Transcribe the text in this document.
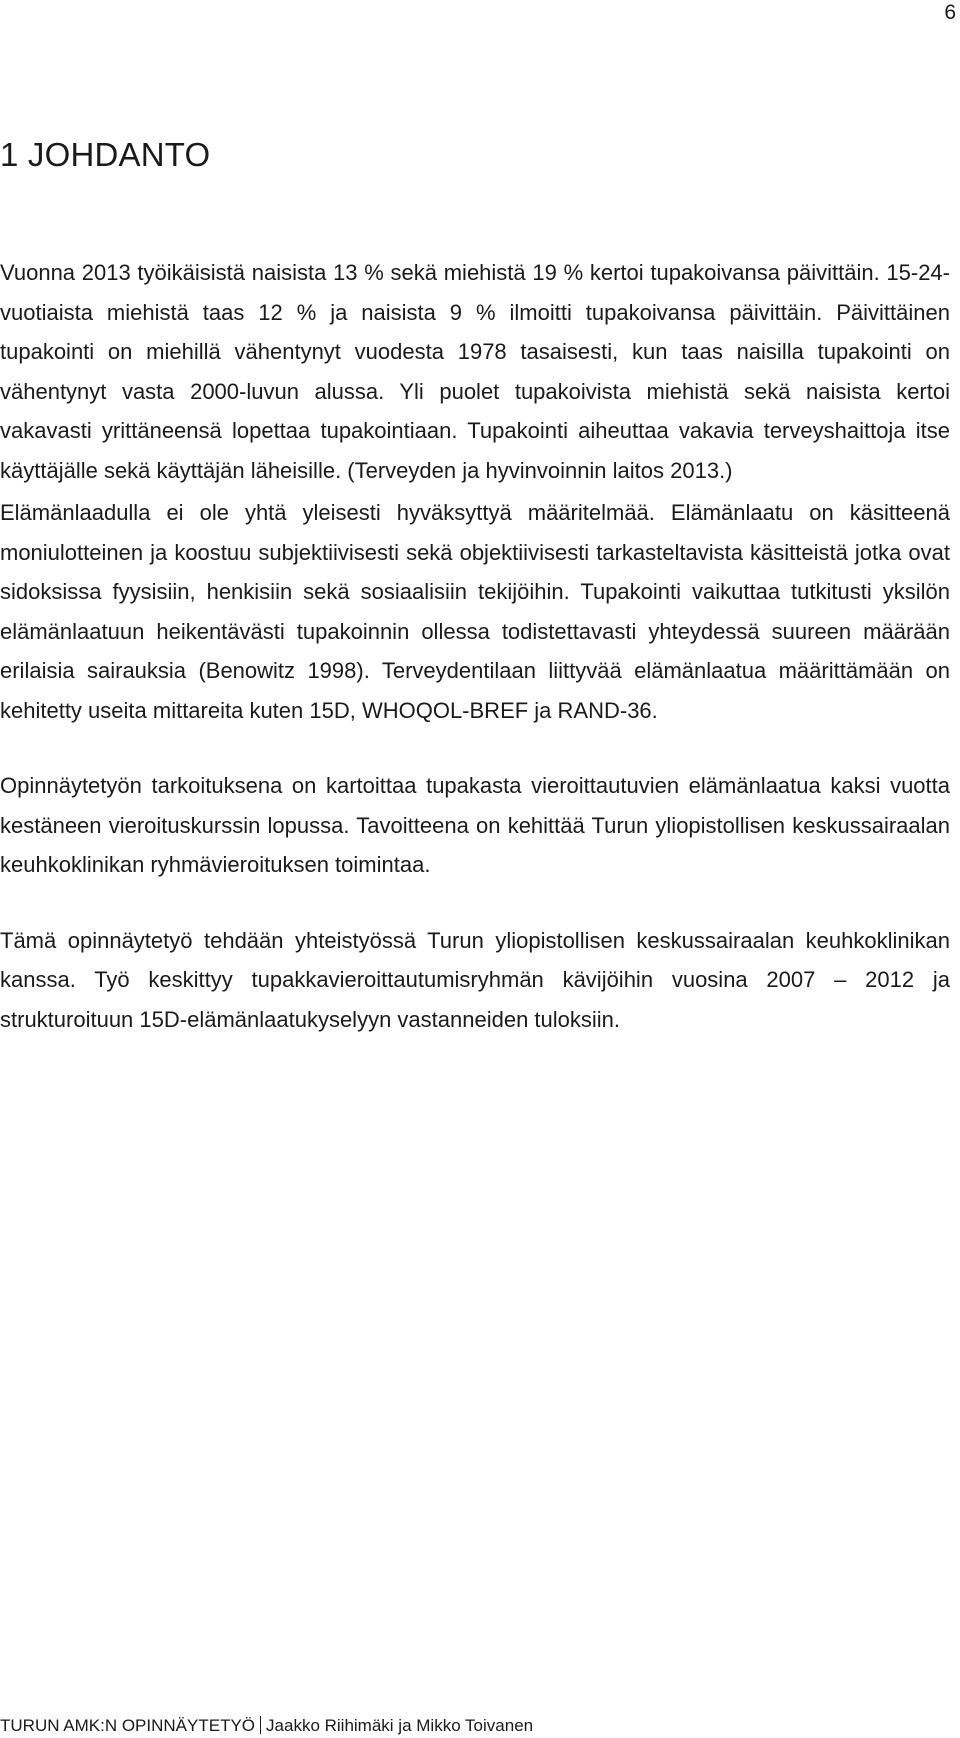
6
1 JOHDANTO

Vuonna 2013 työikäisistä naisista 13 % sekä miehistä 19 % kertoi tupakoivansa päivittäin. 15-24- vuotiaista miehistä taas 12 % ja naisista 9 % ilmoitti tupakoivansa päivittäin. Päivittäinen tupakointi on miehillä vähentynyt vuodesta 1978 tasaisesti, kun taas naisilla tupakointi on vähentynyt vasta 2000-luvun alussa. Yli puolet tupakoivista miehistä sekä naisista kertoi vakavasti yrittäneensä lopettaa tupakointiaan. Tupakointi aiheuttaa vakavia terveyshaittoja itse käyttäjälle sekä käyttäjän läheisille. (Terveyden ja hyvinvoinnin laitos 2013.)

Elämänlaadulla ei ole yhtä yleisesti hyväksyttyä määritelmää. Elämänlaatu on käsitteenä moniulotteinen ja koostuu subjektiivisesti sekä objektiivisesti tarkasteltavista käsitteistä jotka ovat sidoksissa fyysisiin, henkisiin sekä sosiaalisiin tekijöihin. Tupakointi vaikuttaa tutkitusti yksilön elämänlaatuun heikentävästi tupakoinnin ollessa todistettavasti yhteydessä suureen määrään erilaisia sairauksia (Benowitz 1998). Terveydentilaan liittyvää elämänlaatua määrittämään on kehitetty useita mittareita kuten 15D, WHOQOL-BREF ja RAND-36.

Opinnäytetyön tarkoituksena on kartoittaa tupakasta vieroittautuvien elämänlaatua kaksi vuotta kestäneen vieroituskurssin lopussa. Tavoitteena on kehittää Turun yliopistollisen keskussairaalan keuhkoklinikan ryhmävieroituksen toimintaa.

Tämä opinnäytetyö tehdään yhteistyössä Turun yliopistollisen keskussairaalan keuhkoklinikan kanssa. Työ keskittyy tupakkavieroittautumisryhmän kävijöihin vuosina 2007 – 2012 ja strukturoituun 15D-elämänlaatukyselyyn vastanneiden tuloksiin.

TURUN AMK:N OPINNÄYTETYÖ Jaakko Riihimäki ja Mikko Toivanen
